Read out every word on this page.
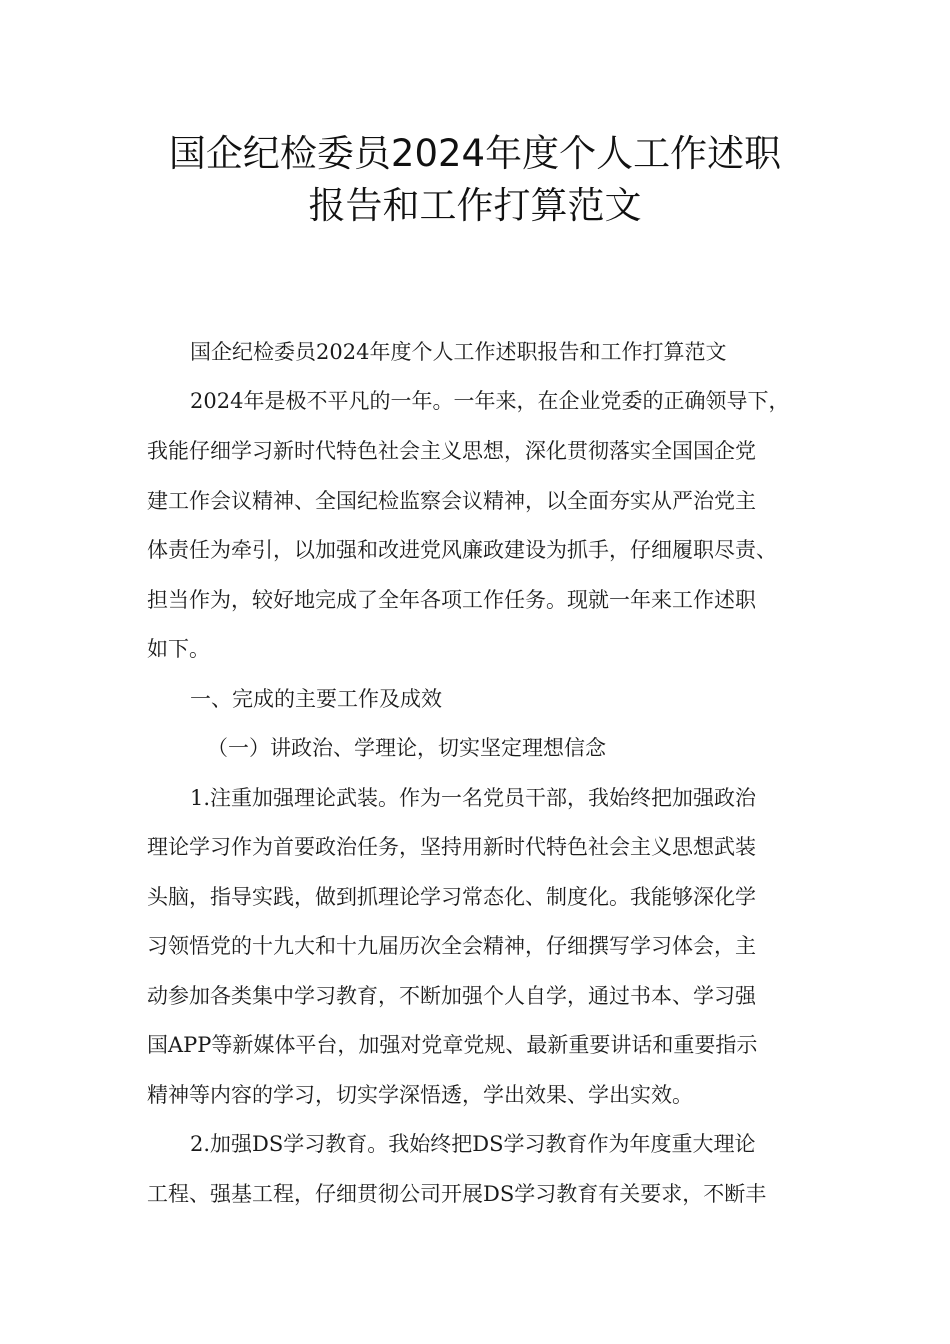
国企纪检委员2024年度个人工作述职
报告和工作打算范文
国企纪检委员2024年度个人工作述职报告和工作打算范文
2024年是极不平凡的一年。一年来，在企业党委的正确领导下，
我能仔细学习新时代特色社会主义思想，深化贯彻落实全国国企党
建工作会议精神、全国纪检监察会议精神，以全面夯实从严治党主
体责任为牵引，以加强和改进党风廉政建设为抓手，仔细履职尽责、
担当作为，较好地完成了全年各项工作任务。现就一年来工作述职
如下。
一、完成的主要工作及成效
（一）讲政治、学理论，切实坚定理想信念
1.注重加强理论武装。作为一名党员干部，我始终把加强政治
理论学习作为首要政治任务，坚持用新时代特色社会主义思想武装
头脑，指导实践，做到抓理论学习常态化、制度化。我能够深化学
习领悟党的十九大和十九届历次全会精神，仔细撰写学习体会，主
动参加各类集中学习教育，不断加强个人自学，通过书本、学习强
国APP等新媒体平台，加强对党章党规、最新重要讲话和重要指示
精神等内容的学习，切实学深悟透，学出效果、学出实效。
2.加强DS学习教育。我始终把DS学习教育作为年度重大理论
工程、强基工程，仔细贯彻公司开展DS学习教育有关要求，不断丰
